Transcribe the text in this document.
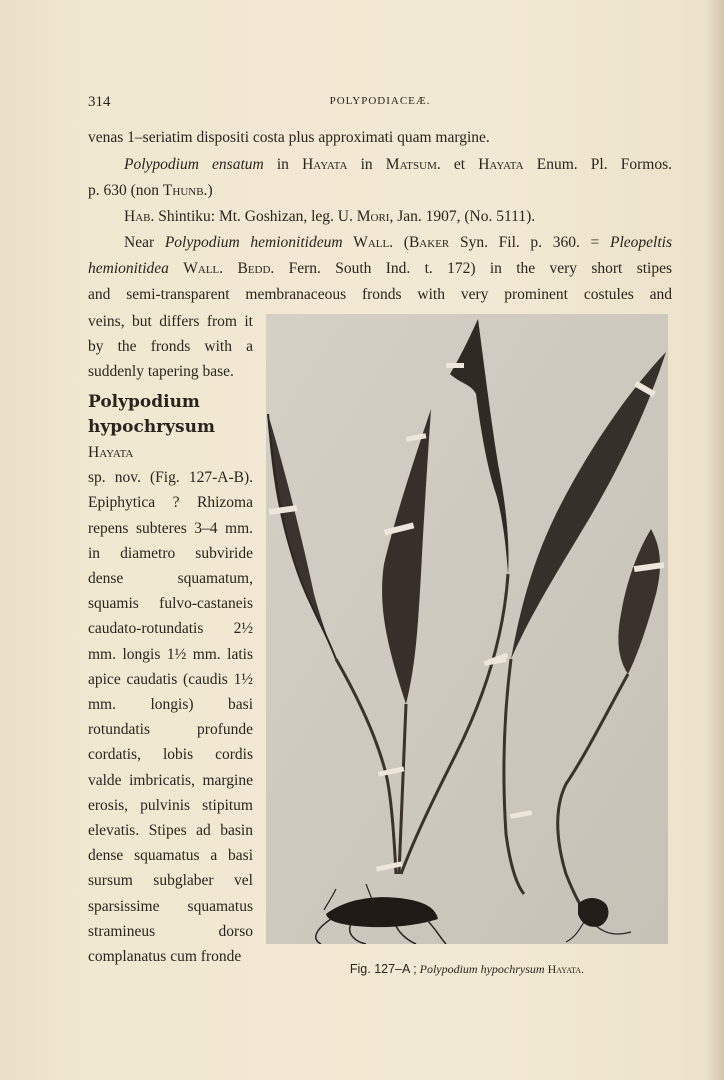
314	POLYPODIACEÆ.
venas 1–seriatim dispositi costa plus approximati quam margine.
Polypodium ensatum in Hayata in Matsum. et Hayata Enum. Pl. Formos.
p. 630 (non Thunb.)
Hab. Shintiku: Mt. Goshizan, leg. U. Mori, Jan. 1907, (No. 5111).
Near Polypodium hemionitideum Wall. (Baker Syn. Fil. p. 360. = Pleopeltis
hemionitidea Wall. Bedd. Fern. South Ind. t. 172) in the very short stipes
and semi-transparent membranaceous fronds with very prominent costules and

veins, but differs from it by the fronds with a suddenly tapering base.

Polypodium hypochrysum Hayata

sp. nov. (Fig. 127-A-B). Epiphytica ? Rhizoma repens subteres 3–4 mm. in diametro subviride dense squamatum, squamis fulvo-castaneis caudato-rotundatis 2½ mm. longis 1½ mm. latis apice caudatis (caudis 1½ mm. longis) basi rotundatis profunde cordatis, lobis cordis valde imbricatis, margine erosis, pulvinis stipitum elevatis. Stipes ad basin dense squamatus a basi sursum subglaber vel sparsissime squamatus stramineus dorso complanatus cum fronde

Fig. 127–A ; Polypodium hypochrysum Hayata.
